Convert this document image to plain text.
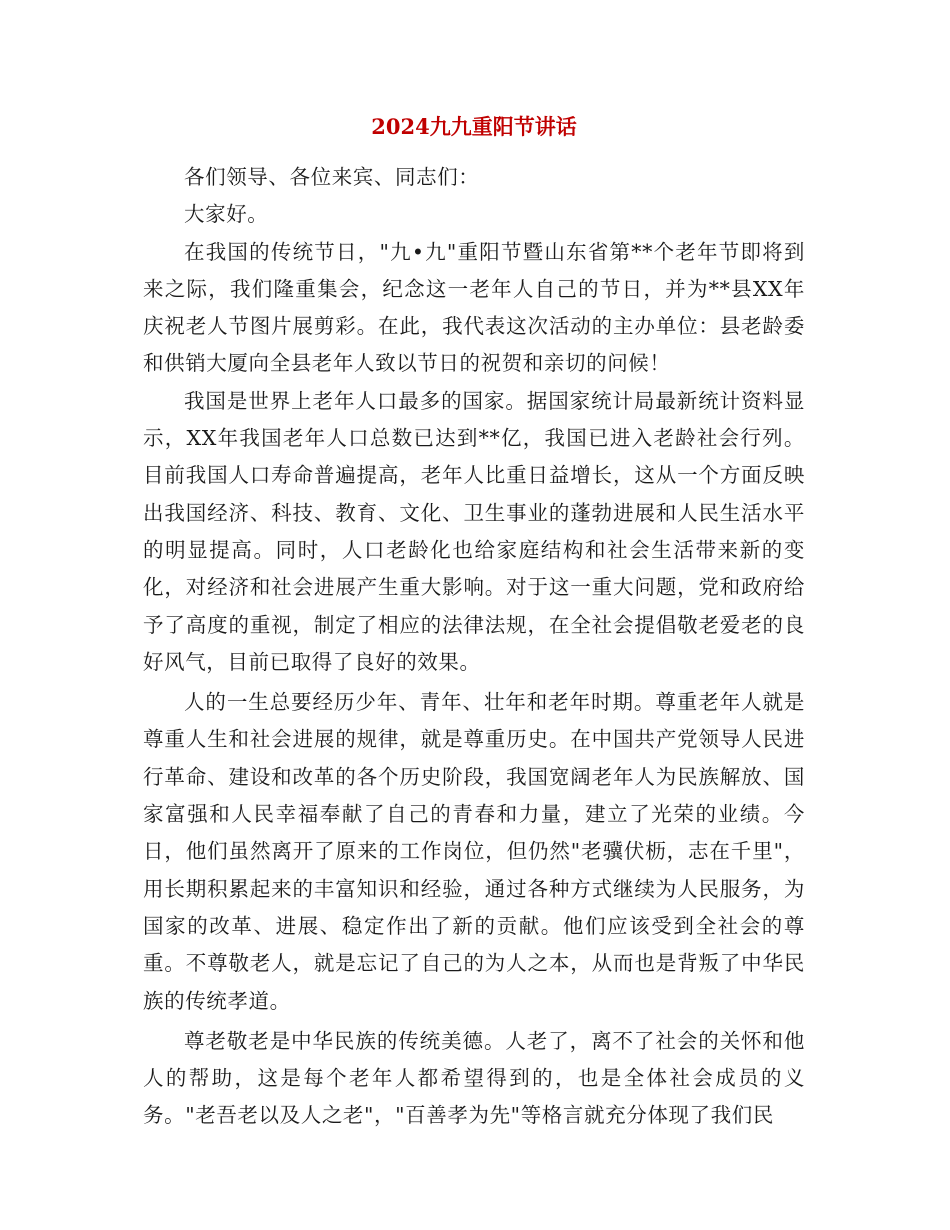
2024九九重阳节讲话

各们领导、各位来宾、同志们：

大家好。

在我国的传统节日，"九•九"重阳节暨山东省第**个老年节即将到来之际，我们隆重集会，纪念这一老年人自己的节日，并为**县XX年庆祝老人节图片展剪彩。在此，我代表这次活动的主办单位：县老龄委和供销大厦向全县老年人致以节日的祝贺和亲切的问候！

我国是世界上老年人口最多的国家。据国家统计局最新统计资料显示，XX年我国老年人口总数已达到**亿，我国已进入老龄社会行列。目前我国人口寿命普遍提高，老年人比重日益增长，这从一个方面反映出我国经济、科技、教育、文化、卫生事业的蓬勃进展和人民生活水平的明显提高。同时，人口老龄化也给家庭结构和社会生活带来新的变化，对经济和社会进展产生重大影响。对于这一重大问题，党和政府给予了高度的重视，制定了相应的法律法规，在全社会提倡敬老爱老的良好风气，目前已取得了良好的效果。

人的一生总要经历少年、青年、壮年和老年时期。尊重老年人就是尊重人生和社会进展的规律，就是尊重历史。在中国共产党领导人民进行革命、建设和改革的各个历史阶段，我国宽阔老年人为民族解放、国家富强和人民幸福奉献了自己的青春和力量，建立了光荣的业绩。今日，他们虽然离开了原来的工作岗位，但仍然"老骥伏枥，志在千里"，用长期积累起来的丰富知识和经验，通过各种方式继续为人民服务，为国家的改革、进展、稳定作出了新的贡献。他们应该受到全社会的尊重。不尊敬老人，就是忘记了自己的为人之本，从而也是背叛了中华民族的传统孝道。

尊老敬老是中华民族的传统美德。人老了，离不了社会的关怀和他人的帮助，这是每个老年人都希望得到的，也是全体社会成员的义务。"老吾老以及人之老"，"百善孝为先"等格言就充分体现了我们民
